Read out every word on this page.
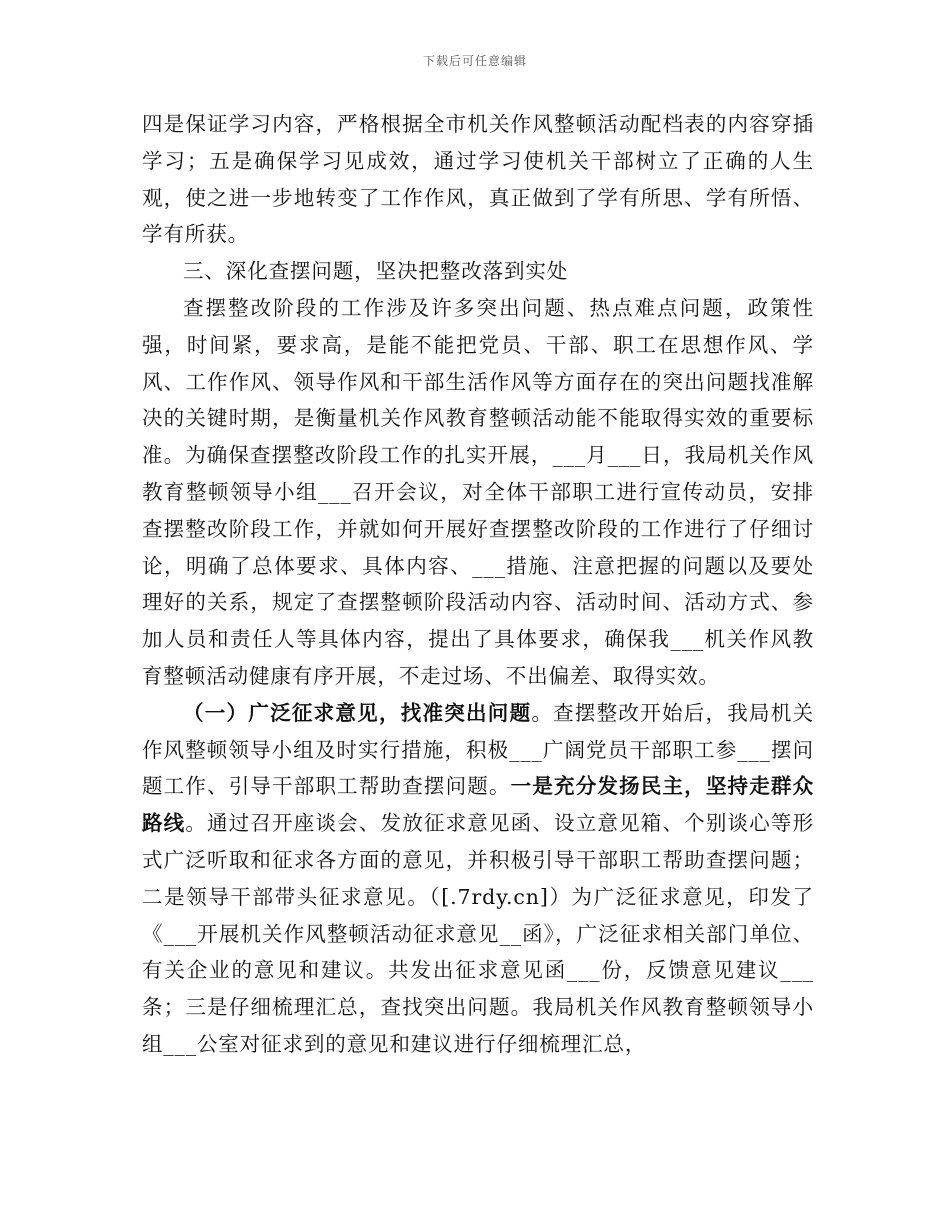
下载后可任意编辑

四是保证学习内容，严格根据全市机关作风整顿活动配档表的内容穿插学习；五是确保学习见成效，通过学习使机关干部树立了正确的人生观，使之进一步地转变了工作作风，真正做到了学有所思、学有所悟、学有所获。

三、深化查摆问题，坚决把整改落到实处

查摆整改阶段的工作涉及许多突出问题、热点难点问题，政策性强，时间紧，要求高，是能不能把党员、干部、职工在思想作风、学风、工作作风、领导作风和干部生活作风等方面存在的突出问题找准解决的关键时期，是衡量机关作风教育整顿活动能不能取得实效的重要标准。为确保查摆整改阶段工作的扎实开展，___月___日，我局机关作风教育整顿领导小组___召开会议，对全体干部职工进行宣传动员，安排查摆整改阶段工作，并就如何开展好查摆整改阶段的工作进行了仔细讨论，明确了总体要求、具体内容、___措施、注意把握的问题以及要处理好的关系，规定了查摆整顿阶段活动内容、活动时间、活动方式、参加人员和责任人等具体内容，提出了具体要求，确保我___机关作风教育整顿活动健康有序开展，不走过场、不出偏差、取得实效。

（一）广泛征求意见，找准突出问题。查摆整改开始后，我局机关作风整顿领导小组及时实行措施，积极___广阔党员干部职工参___摆问题工作、引导干部职工帮助查摆问题。一是充分发扬民主，坚持走群众路线。通过召开座谈会、发放征求意见函、设立意见箱、个别谈心等形式广泛听取和征求各方面的意见，并积极引导干部职工帮助查摆问题；二是领导干部带头征求意见。（[.7rdy.cn]）为广泛征求意见，印发了《___开展机关作风整顿活动征求意见__函》，广泛征求相关部门单位、有关企业的意见和建议。共发出征求意见函___份，反馈意见建议___条；三是仔细梳理汇总，查找突出问题。我局机关作风教育整顿领导小组___公室对征求到的意见和建议进行仔细梳理汇总，
